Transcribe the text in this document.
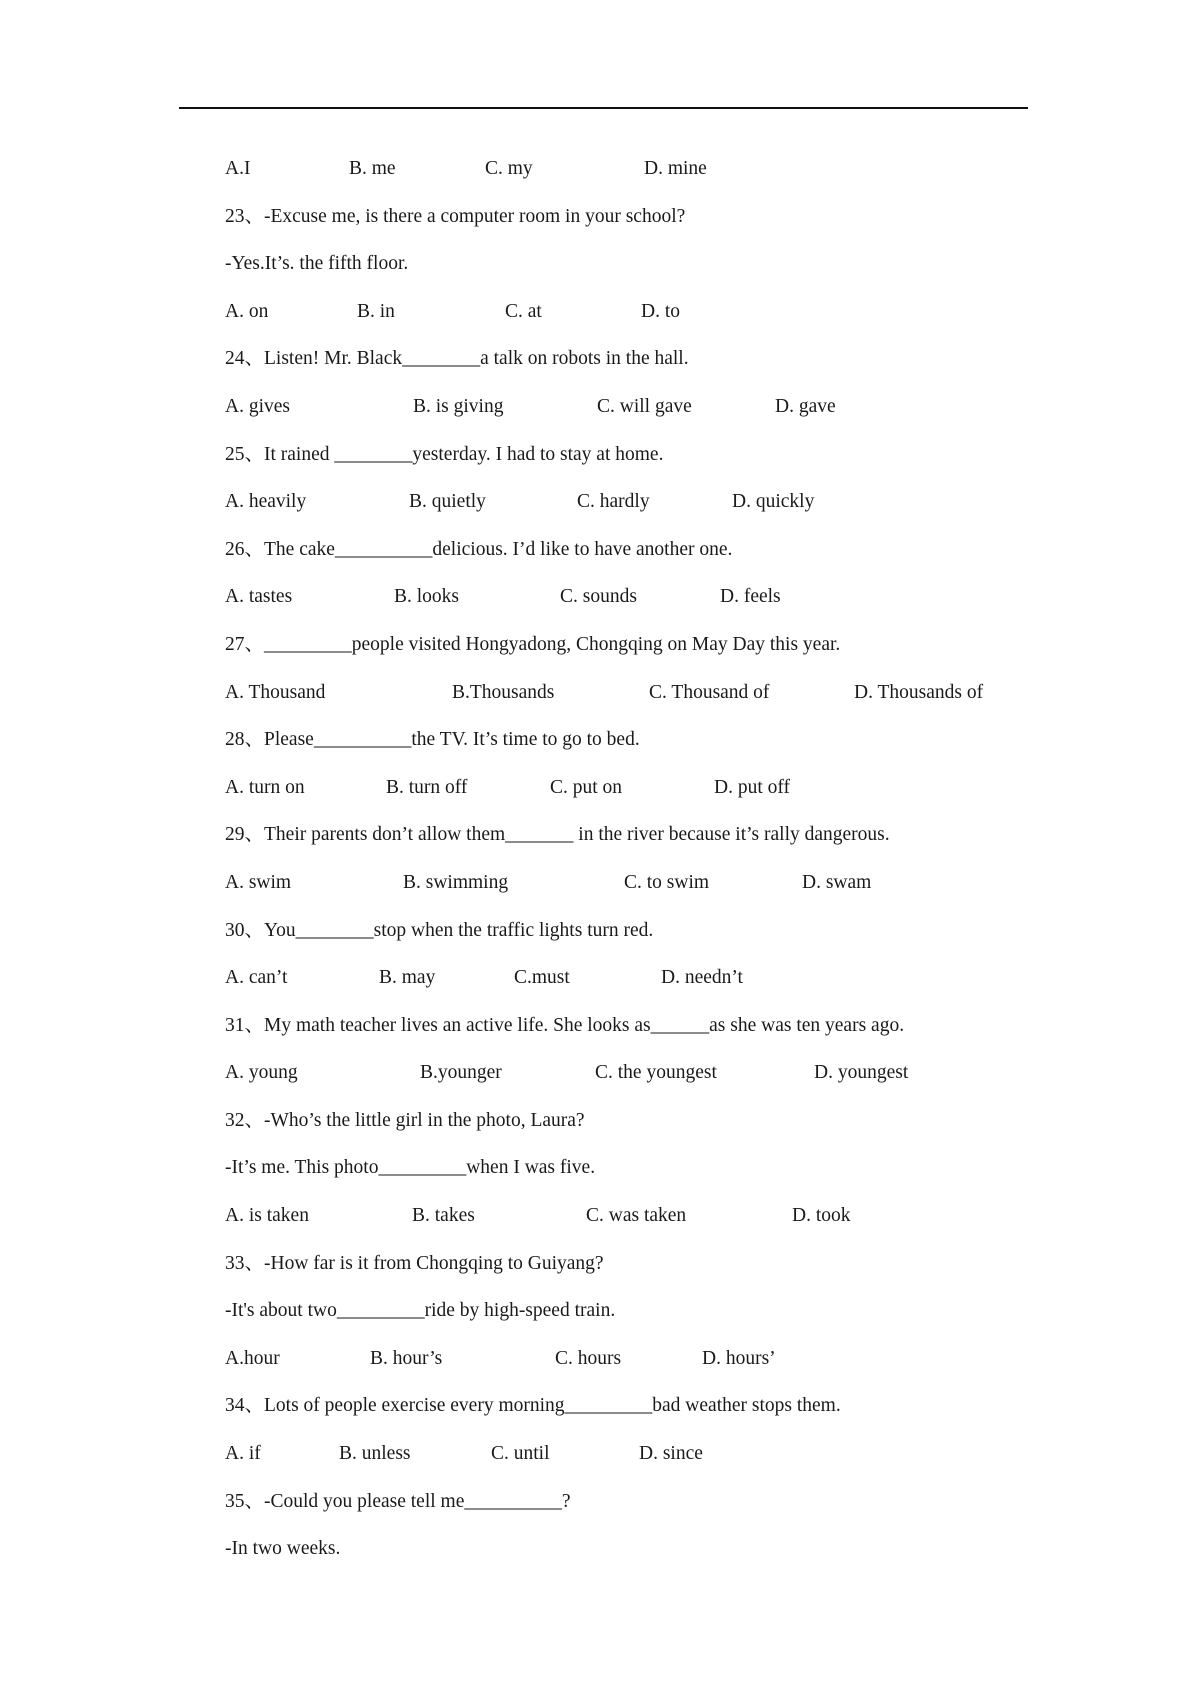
A.I	B. me	C. my	D. mine
23、-Excuse me, is there a computer room in your school?
-Yes.It’s. the fifth floor.
A. on	B. in	C. at	D. to
24、Listen! Mr. Black________a talk on robots in the hall.
A. gives	B. is giving	C. will gave	D. gave
25、It rained ________yesterday. I had to stay at home.
A. heavily	B. quietly	C. hardly	D. quickly
26、The cake__________delicious. I’d like to have another one.
A. tastes	B. looks	C. sounds	D. feels
27、_________people visited Hongyadong, Chongqing on May Day this year.
A. Thousand	B.Thousands	C. Thousand of	D. Thousands of
28、Please__________the TV. It’s time to go to bed.
A. turn on	B. turn off	C. put on	D. put off
29、Their parents don’t allow them_______ in the river because it’s rally dangerous.
A. swim	B. swimming	C. to swim	D. swam
30、You________stop when the traffic lights turn red.
A. can’t	B. may	C.must	D. needn’t
31、My math teacher lives an active life. She looks as______as she was ten years ago.
A. young	B.younger	C. the youngest	D. youngest
32、-Who’s the little girl in the photo, Laura?
-It’s me. This photo_________when I was five.
A. is taken	B. takes	C. was taken	D. took
33、-How far is it from Chongqing to Guiyang?
-It's about two_________ride by high-speed train.
A.hour	B. hour’s	C. hours	D. hours’
34、Lots of people exercise every morning_________bad weather stops them.
A. if	B. unless	C. until	D. since
35、-Could you please tell me__________?
-In two weeks.
